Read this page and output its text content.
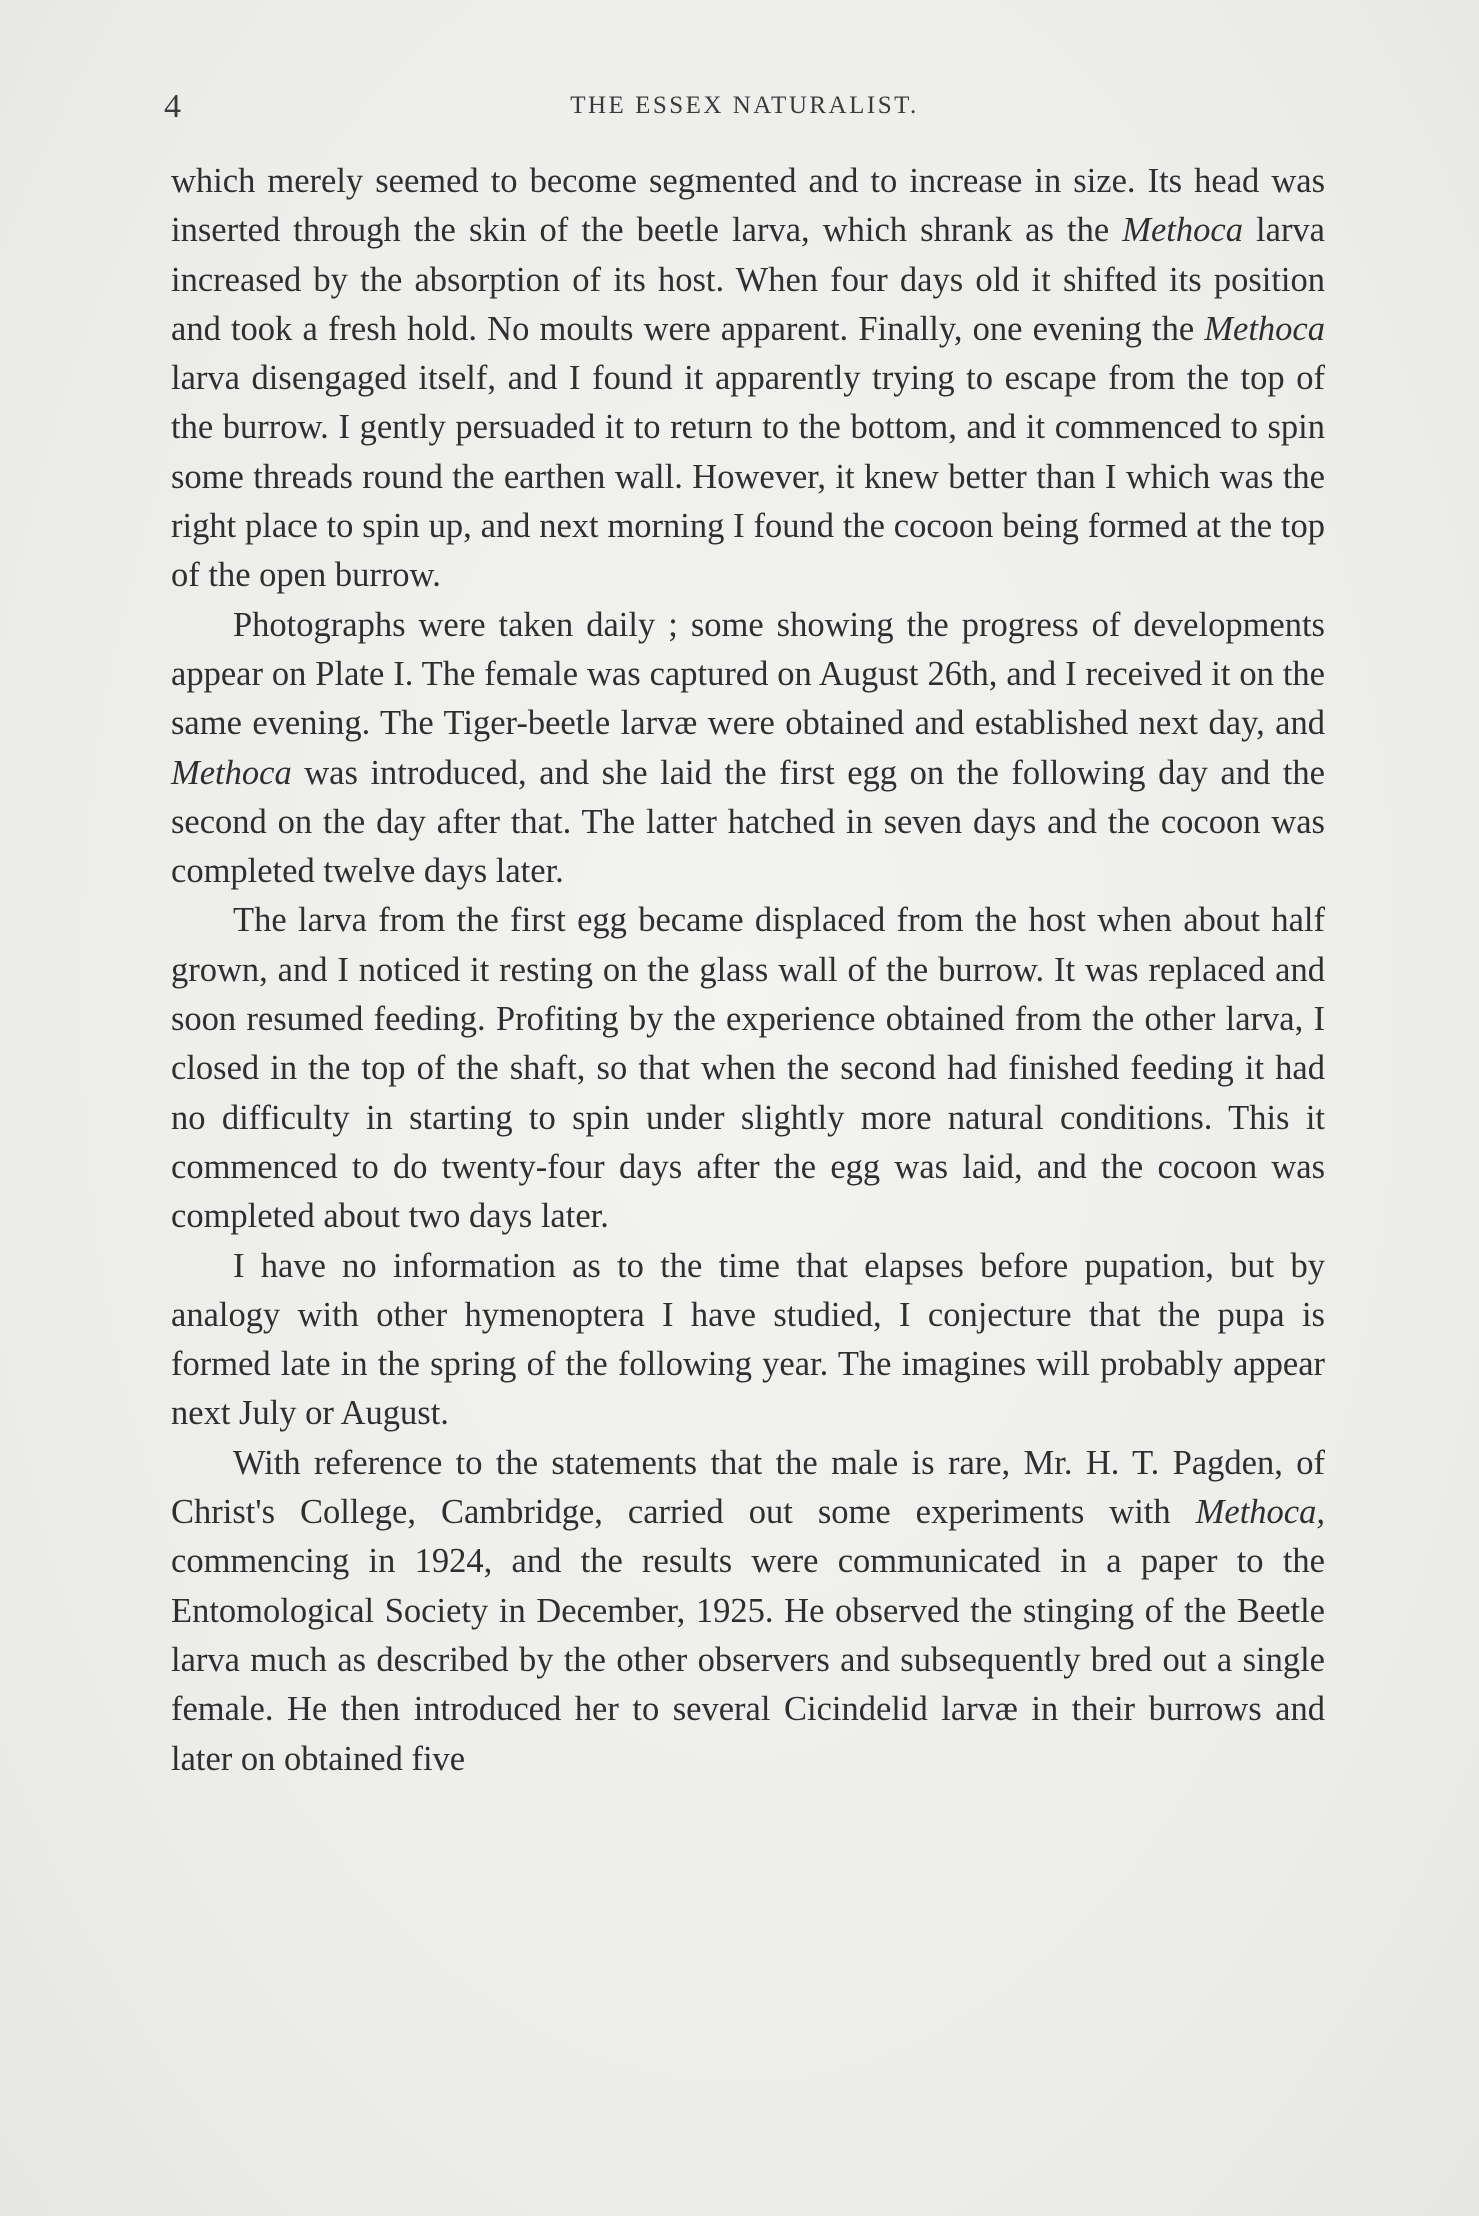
4	THE ESSEX NATURALIST.

which merely seemed to become segmented and to increase in size. Its head was inserted through the skin of the beetle larva, which shrank as the Methoca larva increased by the absorption of its host. When four days old it shifted its position and took a fresh hold. No moults were apparent. Finally, one evening the Methoca larva disengaged itself, and I found it apparently trying to escape from the top of the burrow. I gently persuaded it to return to the bottom, and it commenced to spin some threads round the earthen wall. However, it knew better than I which was the right place to spin up, and next morning I found the cocoon being formed at the top of the open burrow.

Photographs were taken daily ; some showing the progress of developments appear on Plate I. The female was captured on August 26th, and I received it on the same evening. The Tiger-beetle larvæ were obtained and established next day, and Methoca was introduced, and she laid the first egg on the following day and the second on the day after that. The latter hatched in seven days and the cocoon was completed twelve days later.

The larva from the first egg became displaced from the host when about half grown, and I noticed it resting on the glass wall of the burrow. It was replaced and soon resumed feeding. Profiting by the experience obtained from the other larva, I closed in the top of the shaft, so that when the second had finished feeding it had no difficulty in starting to spin under slightly more natural conditions. This it commenced to do twenty-four days after the egg was laid, and the cocoon was completed about two days later.

I have no information as to the time that elapses before pupation, but by analogy with other hymenoptera I have studied, I conjecture that the pupa is formed late in the spring of the following year. The imagines will probably appear next July or August.

With reference to the statements that the male is rare, Mr. H. T. Pagden, of Christ's College, Cambridge, carried out some experiments with Methoca, commencing in 1924, and the results were communicated in a paper to the Entomological Society in December, 1925. He observed the stinging of the Beetle larva much as described by the other observers and subsequently bred out a single female. He then introduced her to several Cicindelid larvæ in their burrows and later on obtained five
